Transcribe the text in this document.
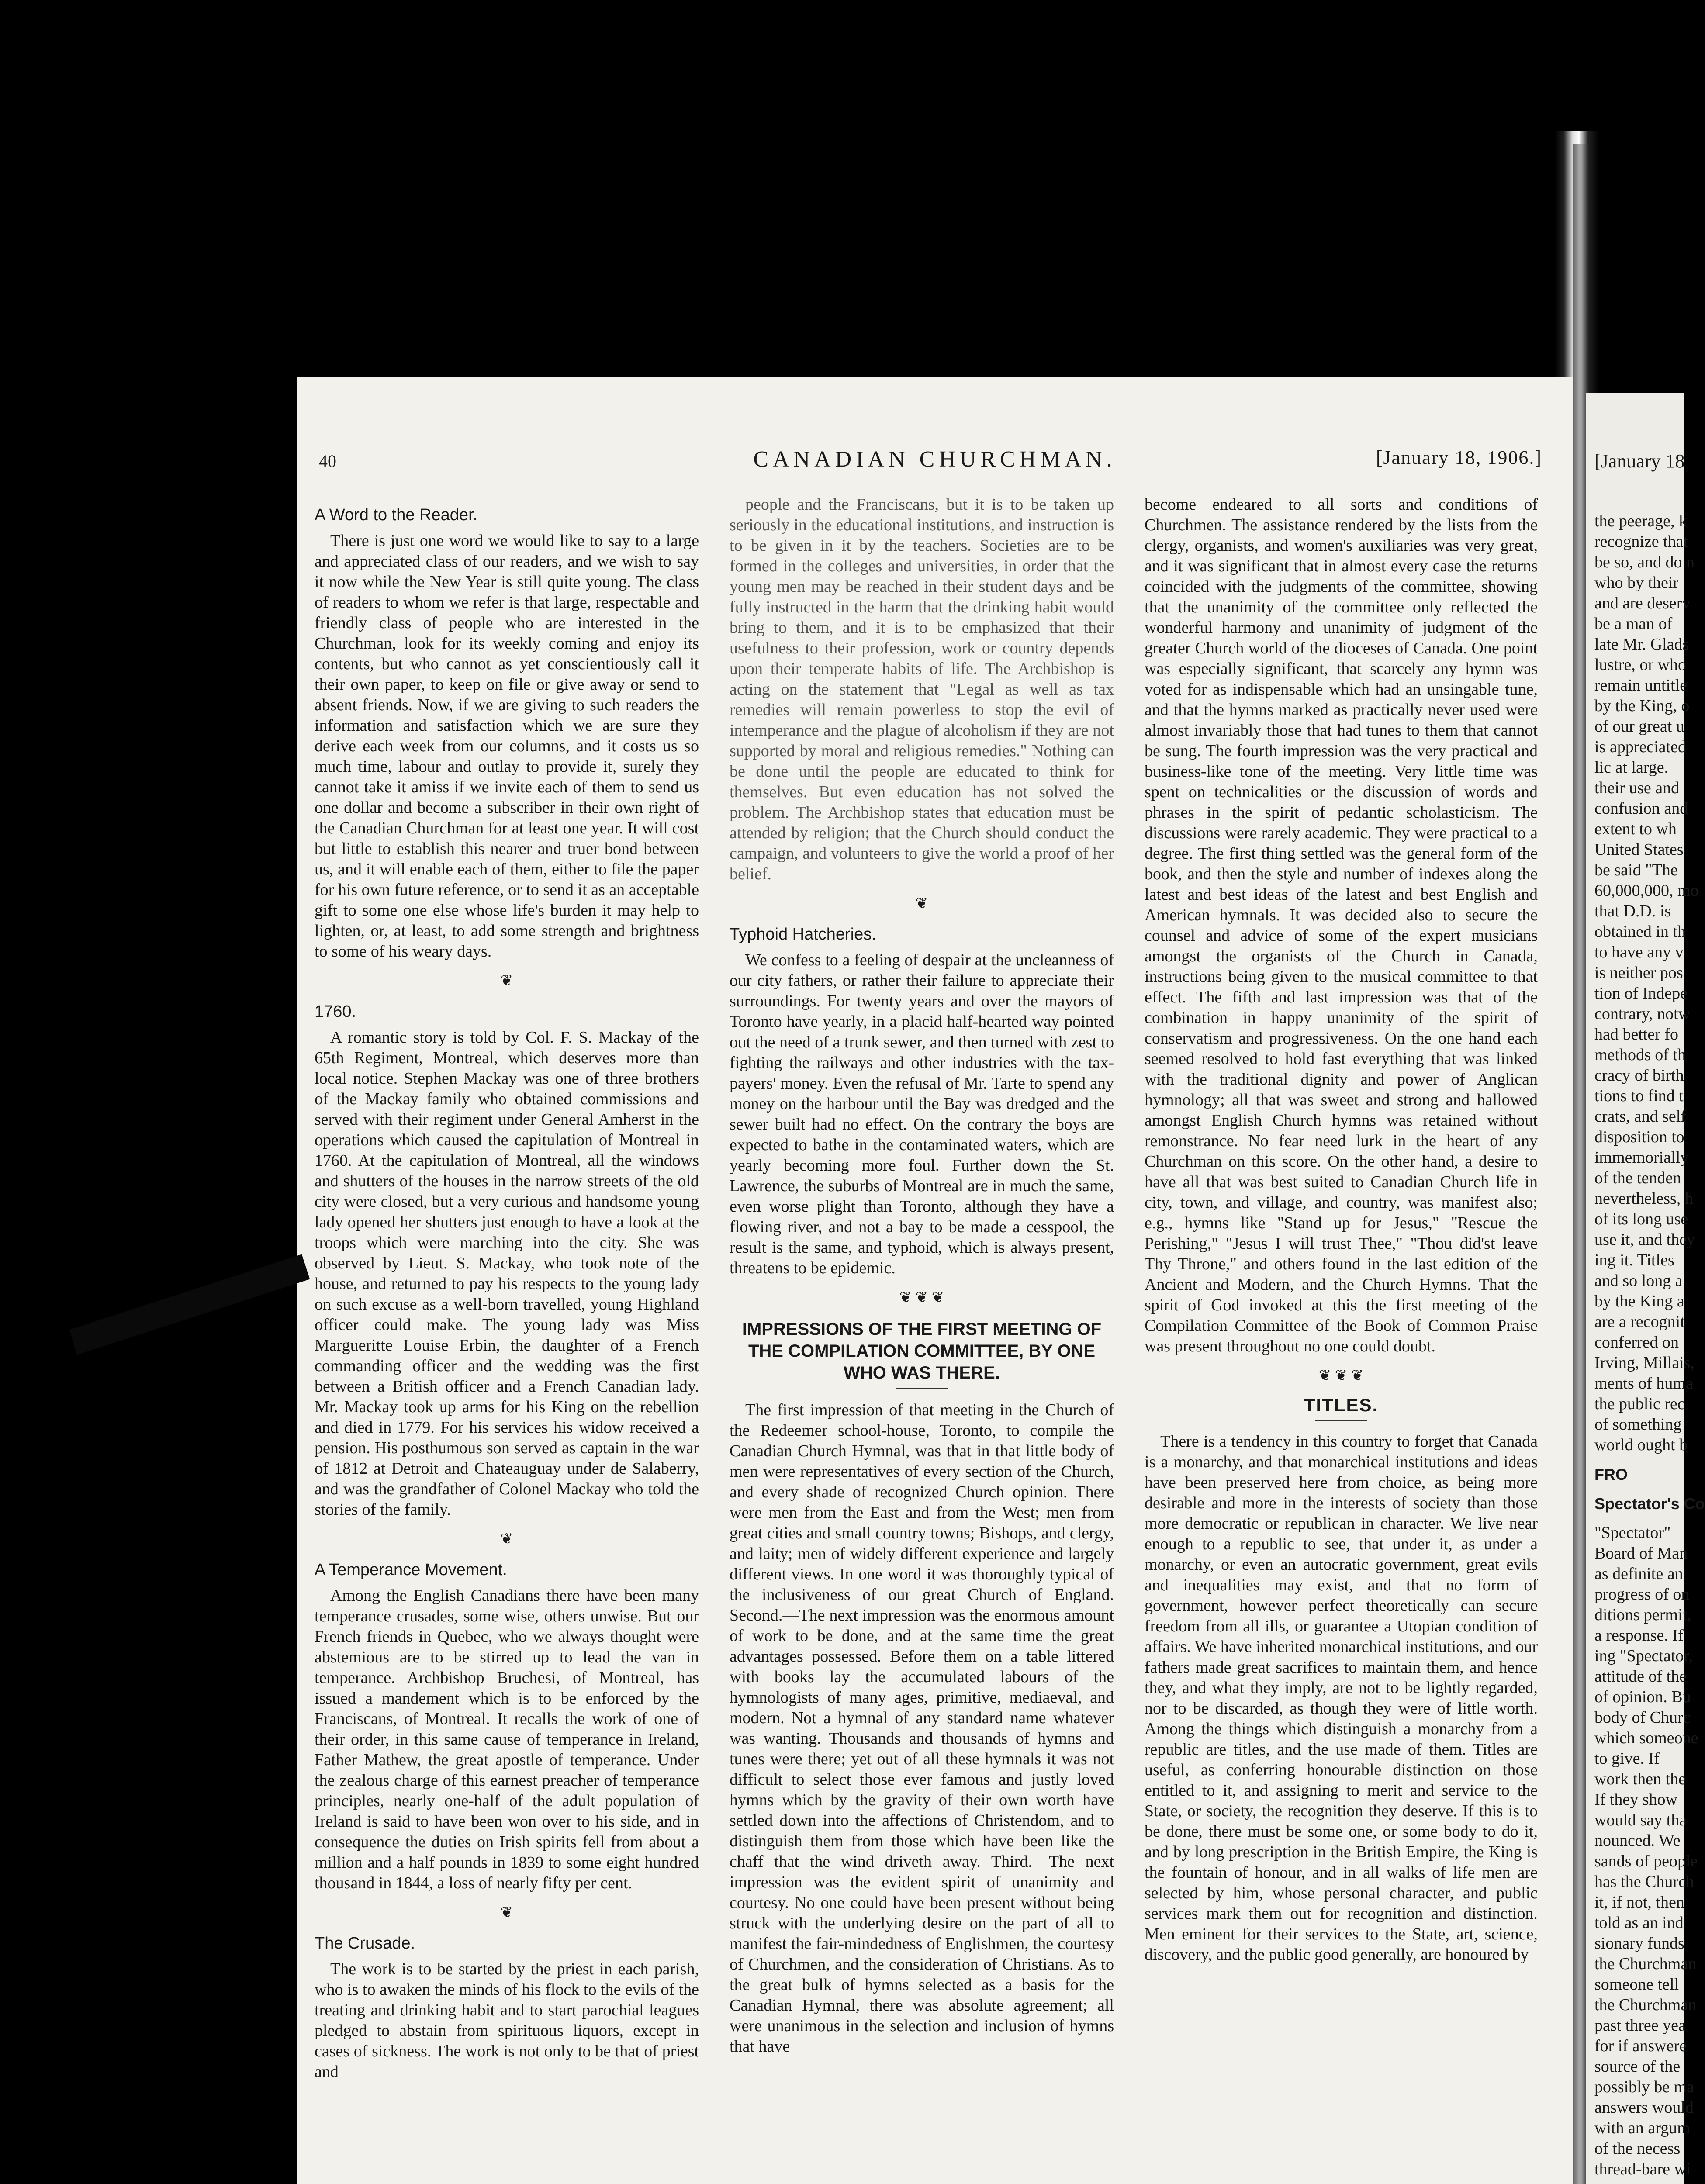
40	CANADIAN CHURCHMAN.	[January 18, 1906.]
A Word to the Reader.

There is just one word we would like to say to a large and appreciated class of our readers, and we wish to say it now while the New Year is still quite young. The class of readers to whom we refer is that large, respectable and friendly class of people who are interested in the Churchman, look for its weekly coming and enjoy its contents, but who cannot as yet conscientiously call it their own paper, to keep on file or give away or send to absent friends. Now, if we are giving to such readers the information and satisfaction which we are sure they derive each week from our columns, and it costs us so much time, labour and outlay to provide it, surely they cannot take it amiss if we invite each of them to send us one dollar and become a subscriber in their own right of the Canadian Churchman for at least one year. It will cost but little to establish this nearer and truer bond between us, and it will enable each of them, either to file the paper for his own future reference, or to send it as an acceptable gift to some one else whose life's burden it may help to lighten, or, at least, to add some strength and brightness to some of his weary days.

❦
1760.

A romantic story is told by Col. F. S. Mackay of the 65th Regiment, Montreal, which deserves more than local notice. Stephen Mackay was one of three brothers of the Mackay family who obtained commissions and served with their regiment under General Amherst in the operations which caused the capitulation of Montreal in 1760. At the capitulation of Montreal, all the windows and shutters of the houses in the narrow streets of the old city were closed, but a very curious and handsome young lady opened her shutters just enough to have a look at the troops which were marching into the city. She was observed by Lieut. S. Mackay, who took note of the house, and returned to pay his respects to the young lady on such excuse as a well-born travelled, young Highland officer could make. The young lady was Miss Margueritte Louise Erbin, the daughter of a French commanding officer and the wedding was the first between a British officer and a French Canadian lady. Mr. Mackay took up arms for his King on the rebellion and died in 1779. For his services his widow received a pension. His posthumous son served as captain in the war of 1812 at Detroit and Chateauguay under de Salaberry, and was the grandfather of Colonel Mackay who told the stories of the family.

❦
A Temperance Movement.

Among the English Canadians there have been many temperance crusades, some wise, others unwise. But our French friends in Quebec, who we always thought were abstemious are to be stirred up to lead the van in temperance. Archbishop Bruchesi, of Montreal, has issued a mandement which is to be enforced by the Franciscans, of Montreal. It recalls the work of one of their order, in this same cause of temperance in Ireland, Father Mathew, the great apostle of temperance. Under the zealous charge of this earnest preacher of temperance principles, nearly one-half of the adult population of Ireland is said to have been won over to his side, and in consequence the duties on Irish spirits fell from about a million and a half pounds in 1839 to some eight hundred thousand in 1844, a loss of nearly fifty per cent.

❦
The Crusade.

The work is to be started by the priest in each parish, who is to awaken the minds of his flock to the evils of the treating and drinking habit and to start parochial leagues pledged to abstain from spirituous liquors, except in cases of sickness. The work is not only to be that of priest and

people and the Franciscans, but it is to be taken up seriously in the educational institutions, and instruction is to be given in it by the teachers. Societies are to be formed in the colleges and universities, in order that the young men may be reached in their student days and be fully instructed in the harm that the drinking habit would bring to them, and it is to be emphasized that their usefulness to their profession, work or country depends upon their temperate habits of life. The Archbishop is acting on the statement that "Legal as well as tax remedies will remain powerless to stop the evil of intemperance and the plague of alcoholism if they are not supported by moral and religious remedies." Nothing can be done until the people are educated to think for themselves. But even education has not solved the problem. The Archbishop states that education must be attended by religion; that the Church should conduct the campaign, and volunteers to give the world a proof of her belief.

❦
Typhoid Hatcheries.

We confess to a feeling of despair at the uncleanness of our city fathers, or rather their failure to appreciate their surroundings. For twenty years and over the mayors of Toronto have yearly, in a placid half-hearted way pointed out the need of a trunk sewer, and then turned with zest to fighting the railways and other industries with the tax-payers' money. Even the refusal of Mr. Tarte to spend any money on the harbour until the Bay was dredged and the sewer built had no effect. On the contrary the boys are expected to bathe in the contaminated waters, which are yearly becoming more foul. Further down the St. Lawrence, the suburbs of Montreal are in much the same, even worse plight than Toronto, although they have a flowing river, and not a bay to be made a cesspool, the result is the same, and typhoid, which is always present, threatens to be epidemic.

❦ ❦ ❦
IMPRESSIONS OF THE FIRST MEETING OF THE COMPILATION COMMITTEE, BY ONE WHO WAS THERE.

The first impression of that meeting in the Church of the Redeemer school-house, Toronto, to compile the Canadian Church Hymnal, was that in that little body of men were representatives of every section of the Church, and every shade of recognized Church opinion. There were men from the East and from the West; men from great cities and small country towns; Bishops, and clergy, and laity; men of widely different experience and largely different views. In one word it was thoroughly typical of the inclusiveness of our great Church of England. Second.—The next impression was the enormous amount of work to be done, and at the same time the great advantages possessed. Before them on a table littered with books lay the accumulated labours of the hymnologists of many ages, primitive, mediaeval, and modern. Not a hymnal of any standard name whatever was wanting. Thousands and thousands of hymns and tunes were there; yet out of all these hymnals it was not difficult to select those ever famous and justly loved hymns which by the gravity of their own worth have settled down into the affections of Christendom, and to distinguish them from those which have been like the chaff that the wind driveth away. Third.—The next impression was the evident spirit of unanimity and courtesy. No one could have been present without being struck with the underlying desire on the part of all to manifest the fair-mindedness of Englishmen, the courtesy of Churchmen, and the consideration of Christians. As to the great bulk of hymns selected as a basis for the Canadian Hymnal, there was absolute agreement; all were unanimous in the selection and inclusion of hymns that have

become endeared to all sorts and conditions of Churchmen. The assistance rendered by the lists from the clergy, organists, and women's auxiliaries was very great, and it was significant that in almost every case the returns coincided with the judgments of the committee, showing that the unanimity of the committee only reflected the wonderful harmony and unanimity of judgment of the greater Church world of the dioceses of Canada. One point was especially significant, that scarcely any hymn was voted for as indispensable which had an unsingable tune, and that the hymns marked as practically never used were almost invariably those that had tunes to them that cannot be sung. The fourth impression was the very practical and business-like tone of the meeting. Very little time was spent on technicalities or the discussion of words and phrases in the spirit of pedantic scholasticism. The discussions were rarely academic. They were practical to a degree. The first thing settled was the general form of the book, and then the style and number of indexes along the latest and best ideas of the latest and best English and American hymnals. It was decided also to secure the counsel and advice of some of the expert musicians amongst the organists of the Church in Canada, instructions being given to the musical committee to that effect. The fifth and last impression was that of the combination in happy unanimity of the spirit of conservatism and progressiveness. On the one hand each seemed resolved to hold fast everything that was linked with the traditional dignity and power of Anglican hymnology; all that was sweet and strong and hallowed amongst English Church hymns was retained without remonstrance. No fear need lurk in the heart of any Churchman on this score. On the other hand, a desire to have all that was best suited to Canadian Church life in city, town, and village, and country, was manifest also; e.g., hymns like "Stand up for Jesus," "Rescue the Perishing," "Jesus I will trust Thee," "Thou did'st leave Thy Throne," and others found in the last edition of the Ancient and Modern, and the Church Hymns. That the spirit of God invoked at this the first meeting of the Compilation Committee of the Book of Common Praise was present throughout no one could doubt.

❦ ❦ ❦
TITLES.

There is a tendency in this country to forget that Canada is a monarchy, and that monarchical institutions and ideas have been preserved here from choice, as being more desirable and more in the interests of society than those more democratic or republican in character. We live near enough to a republic to see, that under it, as under a monarchy, or even an autocratic government, great evils and inequalities may exist, and that no form of government, however perfect theoretically can secure freedom from all ills, or guarantee a Utopian condition of affairs. We have inherited monarchical institutions, and our fathers made great sacrifices to maintain them, and hence they, and what they imply, are not to be lightly regarded, nor to be discarded, as though they were of little worth. Among the things which distinguish a monarchy from a republic are titles, and the use made of them. Titles are useful, as conferring honourable distinction on those entitled to it, and assigning to merit and service to the State, or society, the recognition they deserve. If this is to be done, there must be some one, or some body to do it, and by long prescription in the British Empire, the King is the fountain of honour, and in all walks of life men are selected by him, whose personal character, and public services mark them out for recognition and distinction. Men eminent for their services to the State, art, science, discovery, and the public good generally, are honoured by

[January 18
the peerage, k
recognize that
be so, and do n
who by their
and are deserv
be a man of
late Mr. Glads
lustre, or who
remain untitle
by the King, o
of our great u
is appreciated
lic at large.
their use and
confusion and
extent to wh
United States
be said "The
60,000,000, mo
that D.D. is
obtained in th
to have any v
is neither pos
tion of Indepe
contrary, notw
had better fo
methods of th
cracy of birth
tions to find t
crats, and self
disposition to
immemorially
of the tenden
nevertheless, h
of its long use
use it, and they
ing it. Titles
and so long a
by the King a
are a recognit
conferred on
Irving, Millais,
ments of huma
the public rec
of something
world ought b
FRO
Spectator's Co
"Spectator"
Board of Man
as definite an
progress of on
ditions permit,
a response. If
ing "Spectator,
attitude of the
of opinion. Bu
body of Churc
which someone
to give. If
work then the
If they show
would say tha
nounced. We
sands of people
has the Church
it, if not, then
told as an ind
sionary funds
the Churchman
someone tell
the Churchman
past three yea
for if answere
source of the
possibly be ma
answers would
with an argum
of the necess
thread-bare wi
